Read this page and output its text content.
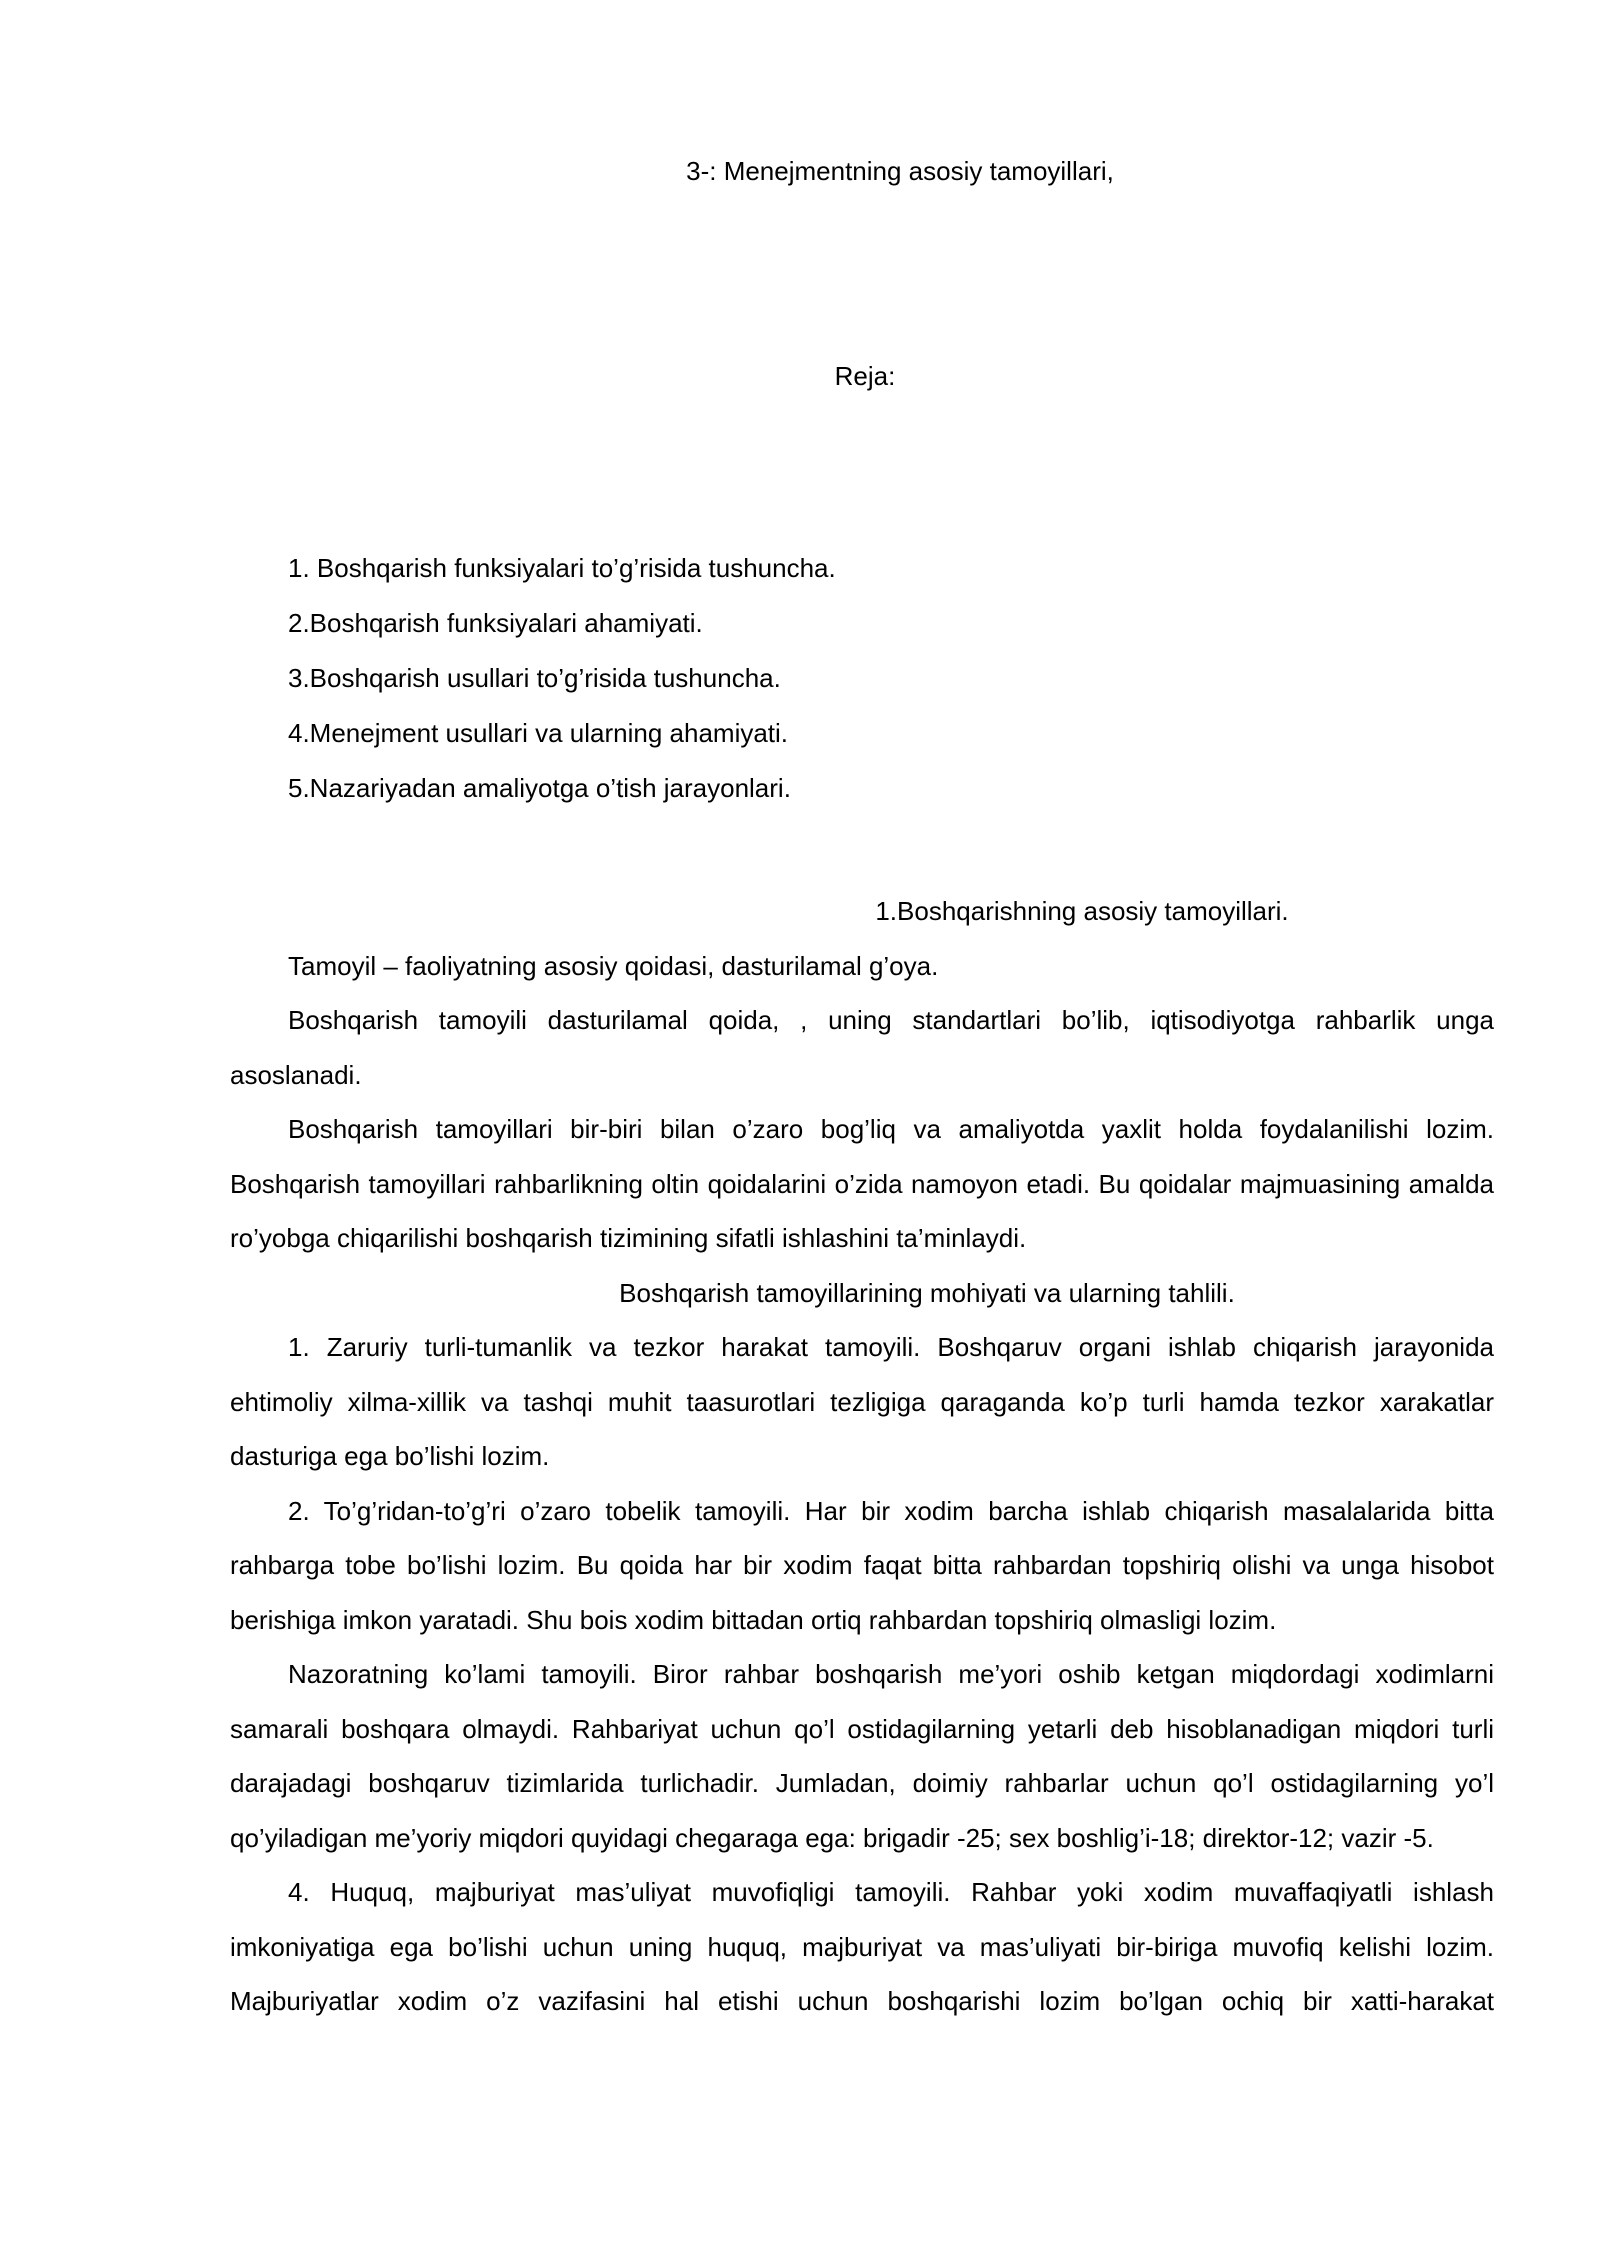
3-: Menejmentning asosiy tamoyillari,
Reja:
1. Boshqarish funksiyalari to’g’risida tushuncha.
2.Boshqarish funksiyalari ahamiyati.
3.Boshqarish usullari to’g’risida tushuncha.
4.Menejment usullari va ularning ahamiyati.
5.Nazariyadan amaliyotga o’tish jarayonlari.
1.Boshqarishning asosiy tamoyillari.

Tamoyil – faoliyatning asosiy qoidasi, dasturilamal g’oya.

Boshqarish tamoyili dasturilamal qoida, , uning standartlari bo’lib, iqtisodiyotga rahbarlik unga asoslanadi.

Boshqarish tamoyillari bir-biri bilan o’zaro bog’liq va amaliyotda yaxlit holda foydalanilishi lozim. Boshqarish tamoyillari rahbarlikning oltin qoidalarini o’zida namoyon etadi. Bu qoidalar majmuasining amalda ro’yobga chiqarilishi boshqarish tizimining sifatli ishlashini ta’minlaydi.

Boshqarish tamoyillarining mohiyati va ularning tahlili.

1. Zaruriy turli-tumanlik va tezkor harakat tamoyili. Boshqaruv organi ishlab chiqarish jarayonida ehtimoliy xilma-xillik va tashqi muhit taasurotlari tezligiga qaraganda ko’p turli hamda tezkor xarakatlar dasturiga ega bo’lishi lozim.

2. To’g’ridan-to’g’ri o’zaro tobelik tamoyili. Har bir xodim barcha ishlab chiqarish masalalarida bitta rahbarga tobe bo’lishi lozim. Bu qoida har bir xodim faqat bitta rahbardan topshiriq olishi va unga hisobot berishiga imkon yaratadi. Shu bois xodim bittadan ortiq rahbardan topshiriq olmasligi lozim.

Nazoratning ko’lami tamoyili. Biror rahbar boshqarish me’yori oshib ketgan miqdordagi xodimlarni samarali boshqara olmaydi. Rahbariyat uchun qo’l ostidagilarning yetarli deb hisoblanadigan miqdori turli darajadagi boshqaruv tizimlarida turlichadir. Jumladan, doimiy rahbarlar uchun qo’l ostidagilarning yo’l qo’yiladigan me’yoriy miqdori quyidagi chegaraga ega: brigadir -25; sex boshlig’i-18; direktor-12; vazir -5.

4. Huquq, majburiyat mas’uliyat muvofiqligi tamoyili. Rahbar yoki xodim muvaffaqiyatli ishlash imkoniyatiga ega bo’lishi uchun uning huquq, majburiyat va mas’uliyati bir-biriga muvofiq kelishi lozim. Majburiyatlar xodim o’z vazifasini hal etishi uchun boshqarishi lozim bo’lgan ochiq bir xatti-harakat
